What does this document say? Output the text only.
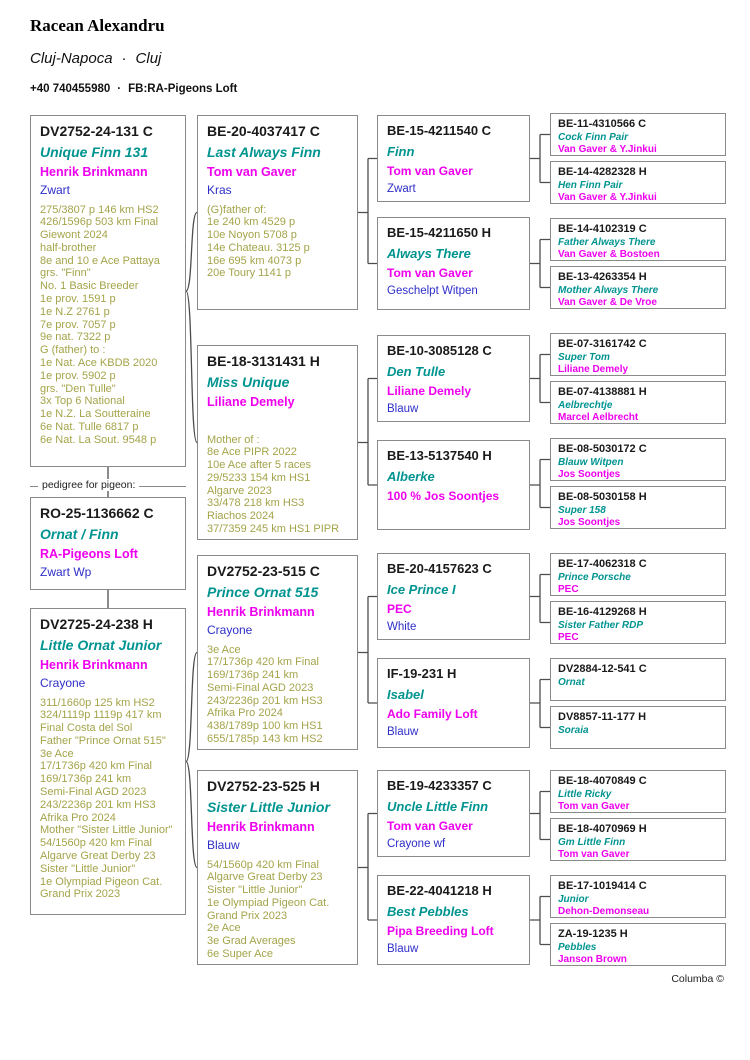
Racean Alexandru
Cluj-Napoca · Cluj
+40 740455980 · FB:RA-Pigeons Loft
pedigree for pigeon:
DV2752-24-131 C
Unique Finn 131
Henrik Brinkmann
Zwart
275/3807 p 146 km HS2
426/1596p 503 km Final
Giewont 2024
half-brother
8e and 10 e Ace Pattaya
grs. "Finn"
No. 1 Basic Breeder
1e prov. 1591 p
1e N.Z 2761 p
7e prov. 7057 p
9e nat. 7322 p
G (father) to :
1e Nat. Ace KBDB 2020
1e prov. 5902 p
grs. "Den Tulle"
3x Top 6 National
1e N.Z. La Soutteraine
6e Nat. Tulle 6817 p
6e Nat. La Sout. 9548 p
RO-25-1136662 C
Ornat / Finn
RA-Pigeons Loft
Zwart Wp
DV2725-24-238 H
Little Ornat Junior
Henrik Brinkmann
Crayone
311/1660p 125 km HS2
324/1119p 1119p 417 km
Final Costa del Sol
Father "Prince Ornat 515"
3e Ace
17/1736p 420 km Final
169/1736p 241 km
Semi-Final AGD 2023
243/2236p 201 km HS3
Afrika Pro 2024
Mother "Sister Little Junior"
54/1560p 420 km Final
Algarve Great Derby 23
Sister "Little Junior"
1e Olympiad Pigeon Cat.
Grand Prix 2023
BE-20-4037417 C
Last Always Finn
Tom van Gaver
Kras
(G)father of:
1e 240 km 4529 p
10e Noyon 5708 p
14e Chateau. 3125 p
16e 695 km 4073 p
20e Toury 1141 p
BE-18-3131431 H
Miss Unique
Liliane Demely
Mother of :
8e Ace PIPR 2022
10e Ace after 5 races
29/5233 154 km HS1
Algarve 2023
33/478 218 km HS3
Riachos 2024
37/7359 245 km HS1 PIPR
DV2752-23-515 C
Prince Ornat 515
Henrik Brinkmann
Crayone
3e Ace
17/1736p 420 km Final
169/1736p 241 km
Semi-Final AGD 2023
243/2236p 201 km HS3
Afrika Pro 2024
438/1789p 100 km HS1
655/1785p 143 km HS2
DV2752-23-525 H
Sister Little Junior
Henrik Brinkmann
Blauw
54/1560p 420 km Final
Algarve Great Derby 23
Sister "Little Junior"
1e Olympiad Pigeon Cat.
Grand Prix 2023
2e Ace
3e Grad Averages
6e Super Ace
BE-15-4211540 C
Finn
Tom van Gaver
Zwart
BE-15-4211650 H
Always There
Tom van Gaver
Geschelpt Witpen
BE-10-3085128 C
Den Tulle
Liliane Demely
Blauw
BE-13-5137540 H
Alberke
100 % Jos Soontjes
BE-20-4157623 C
Ice Prince I
PEC
White
IF-19-231 H
Isabel
Ado Family Loft
Blauw
BE-19-4233357 C
Uncle Little Finn
Tom van Gaver
Crayone wf
BE-22-4041218 H
Best Pebbles
Pipa Breeding Loft
Blauw
BE-11-4310566 C
Cock Finn Pair
Van Gaver & Y.Jinkui
BE-14-4282328 H
Hen Finn Pair
Van Gaver & Y.Jinkui
BE-14-4102319 C
Father Always There
Van Gaver & Bostoen
BE-13-4263354 H
Mother Always There
Van Gaver & De Vroe
BE-07-3161742 C
Super Tom
Liliane Demely
BE-07-4138881 H
Aelbrechtje
Marcel Aelbrecht
BE-08-5030172 C
Blauw Witpen
Jos Soontjes
BE-08-5030158 H
Super 158
Jos Soontjes
BE-17-4062318 C
Prince Porsche
PEC
BE-16-4129268 H
Sister Father RDP
PEC
DV2884-12-541 C
Ornat
DV8857-11-177 H
Soraia
BE-18-4070849 C
Little Ricky
Tom van Gaver
BE-18-4070969 H
Gm Little Finn
Tom van Gaver
BE-17-1019414 C
Junior
Dehon-Demonseau
ZA-19-1235 H
Pebbles
Janson Brown
Columba ©
